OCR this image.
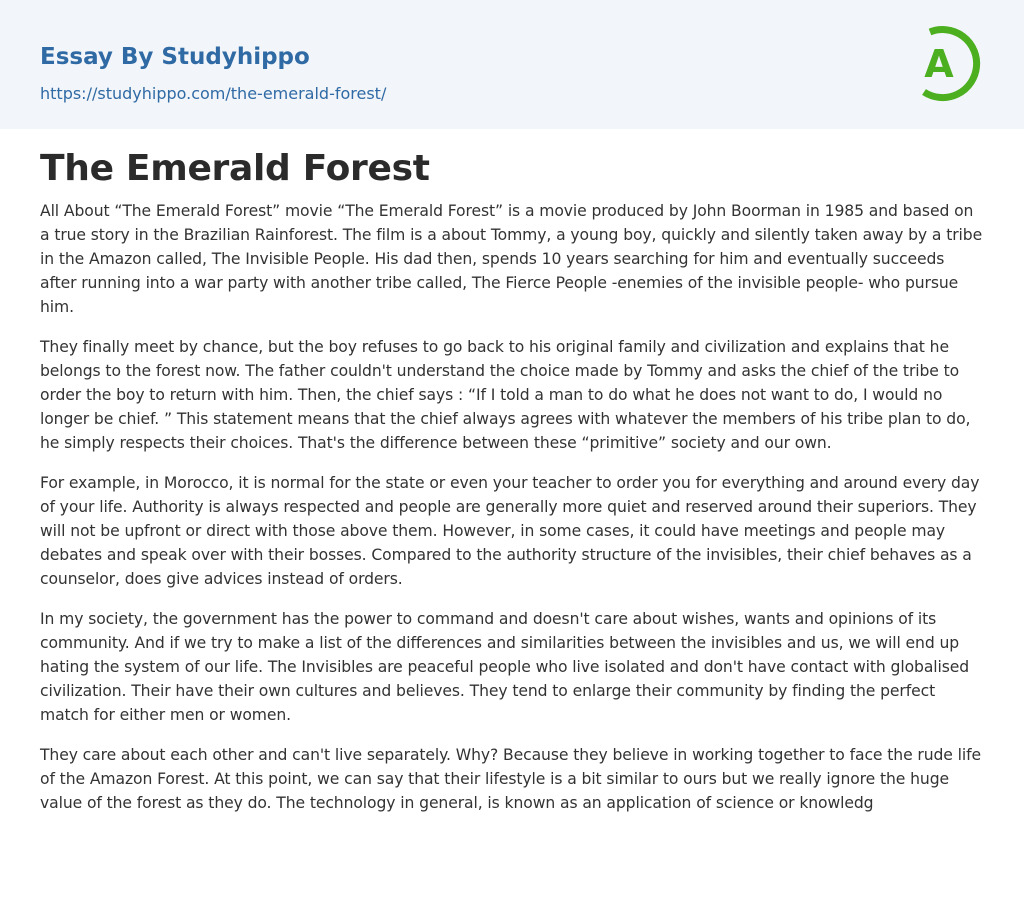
Essay By Studyhippo
https://studyhippo.com/the-emerald-forest/
A
The Emerald Forest

All About “The Emerald Forest” movie “The Emerald Forest” is a movie produced by John Boorman in 1985 and based on a true story in the Brazilian Rainforest. The film is a about Tommy, a young boy, quickly and silently taken away by a tribe in the Amazon called, The Invisible People. His dad then, spends 10 years searching for him and eventually succeeds after running into a war party with another tribe called, The Fierce People -enemies of the invisible people- who pursue him.

They finally meet by chance, but the boy refuses to go back to his original family and civilization and explains that he belongs to the forest now. The father couldn't understand the choice made by Tommy and asks the chief of the tribe to order the boy to return with him. Then, the chief says : “If I told a man to do what he does not want to do, I would no longer be chief. ” This statement means that the chief always agrees with whatever the members of his tribe plan to do, he simply respects their choices. That's the difference between these “primitive” society and our own.

For example, in Morocco, it is normal for the state or even your teacher to order you for everything and around every day of your life. Authority is always respected and people are generally more quiet and reserved around their superiors. They will not be upfront or direct with those above them. However, in some cases, it could have meetings and people may debates and speak over with their bosses. Compared to the authority structure of the invisibles, their chief behaves as a counselor, does give advices instead of orders.

In my society, the government has the power to command and doesn't care about wishes, wants and opinions of its community. And if we try to make a list of the differences and similarities between the invisibles and us, we will end up hating the system of our life. The Invisibles are peaceful people who live isolated and don't have contact with globalised civilization. Their have their own cultures and believes. They tend to enlarge their community by finding the perfect match for either men or women.

They care about each other and can't live separately. Why? Because they believe in working together to face the rude life of the Amazon Forest. At this point, we can say that their lifestyle is a bit similar to ours but we really ignore the huge value of the forest as they do. The technology in general, is known as an application of science or knowledg
